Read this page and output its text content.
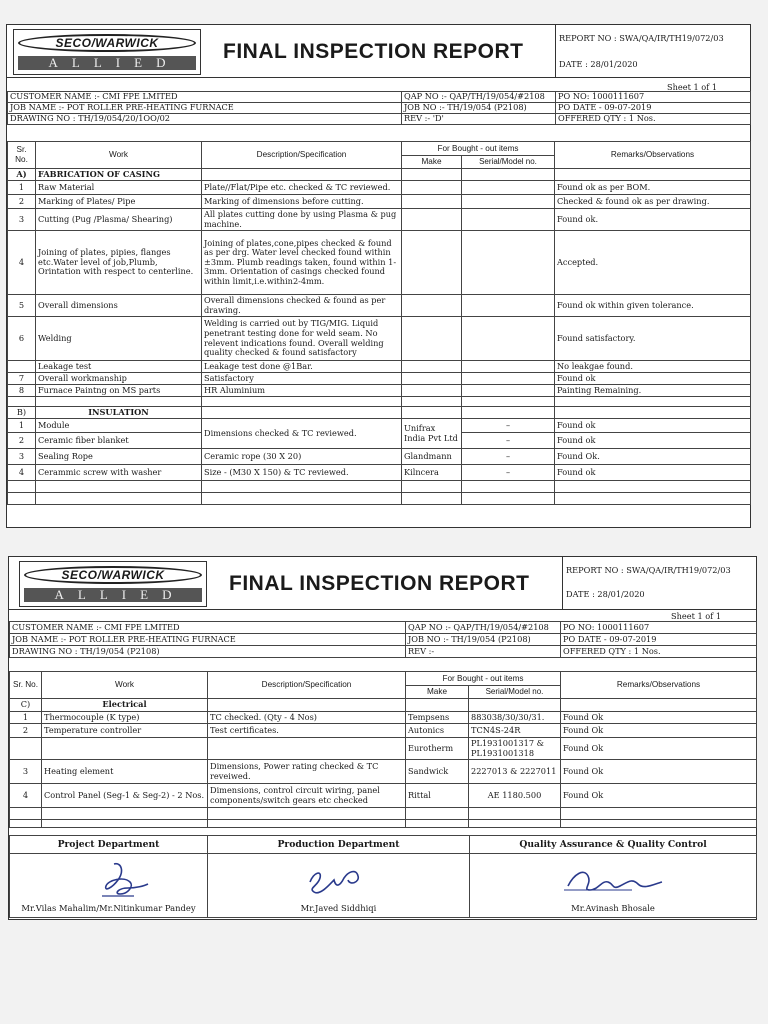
SECO/WARWICK
ALLIED	FINAL INSPECTION REPORT
REPORT NO : SWA/QA/IR/TH19/072/03
DATE : 28/01/2020
Sheet 1 of 1
CUSTOMER NAME :- CMI FPE LMITED	QAP NO :- QAP/TH/19/054/#2108	PO NO: 1000111607
JOB NAME :- POT ROLLER PRE-HEATING FURNACE	JOB NO :- TH/19/054 (P2108)	PO DATE - 09-07-2019
DRAWING NO : TH/19/054/20/1OO/02	REV :- 'D'	OFFERED QTY : 1 Nos.
Sr. No.	Work	Description/Specification	For Bought - out items		Remarks/Observations
			Make	Serial/Model no.	
A)	FABRICATION OF CASING				
1	Raw Material	Plate//Flat/Pipe etc. checked & TC reviewed.			Found ok as per BOM.
2	Marking of Plates/ Pipe	Marking of dimensions before cutting.			Checked & found ok as per drawing.
3	Cutting (Pug /Plasma/ Shearing)	All plates cutting done by using Plasma & pug machine.			Found ok.
4	Joining of plates, pipies, flanges etc.Water level of job,Plumb, Orintation with respect to centerline.	Joining of plates,cone,pipes checked & found as per drg. Water level checked found within ±3mm. Plumb readings taken, found within 1-3mm. Orientation of casings checked found within limit,i.e.within2-4mm.			Accepted.
5	Overall dimensions	Overall dimensions checked & found as per drawing.			Found ok within given tolerance.
6	Welding	Welding is carried out by TIG/MIG. Liquid penetrant testing done for weld seam. No relevent indications found. Overall welding quality checked & found satisfactory			Found satisfactory.
	Leakage test	Leakage test done @1Bar.			No leakgae found.
7	Overall workmanship	Satisfactory			Found ok
8	Furnace Paintng on MS parts	HR Aluminium			Painting Remaining.

B)	INSULATION				
1	Module	Dimensions checked & TC reviewed.	Unifrax India Pvt Ltd	–	Found ok
2	Ceramic fiber blanket			–	Found ok
3	Sealing Rope	Ceramic rope (30 X 20)	Glandmann	–	Found Ok.
4	Cerammic screw with washer	Size - (M30 X 150) & TC reviewed.	Kilncera	–	Found ok

SECO/WARWICK
ALLIED	FINAL INSPECTION REPORT
REPORT NO : SWA/QA/IR/TH19/072/03
DATE : 28/01/2020
Sheet 1 of 1
CUSTOMER NAME :- CMI FPE LMITED	QAP NO :- QAP/TH/19/054/#2108	PO NO: 1000111607
JOB NAME :- POT ROLLER PRE-HEATING FURNACE	JOB NO :- TH/19/054 (P2108)	PO DATE - 09-07-2019
DRAWING NO : TH/19/054 (P2108)	REV :-	OFFERED QTY : 1 Nos.
Sr. No.	Work	Description/Specification	For Bought - out items		Remarks/Observations
			Make	Serial/Model no.	
C)	Electrical				
1	Thermocouple (K type)	TC checked. (Qty - 4 Nos)	Tempsens	883038/30/30/31.	Found Ok
2	Temperature controller	Test certificates.	Autonics	TCN4S-24R	Found Ok
			Eurotherm	PL1931001317 & PL1931001318	Found Ok
3	Heating element	Dimensions, Power rating checked & TC reveiwed.	Sandwick	2227013 & 2227011	Found Ok
4	Control Panel (Seg-1 & Seg-2) - 2 Nos.	Dimensions, control circuit wiring, panel components/switch gears etc checked	Rittal	AE 1180.500	Found Ok

Project Department	Production Department	Quality Assurance & Quality Control

Mr.Vilas Mahalim/Mr.Nitinkumar Pandey	Mr.Javed Siddhiqi	Mr.Avinash Bhosale
